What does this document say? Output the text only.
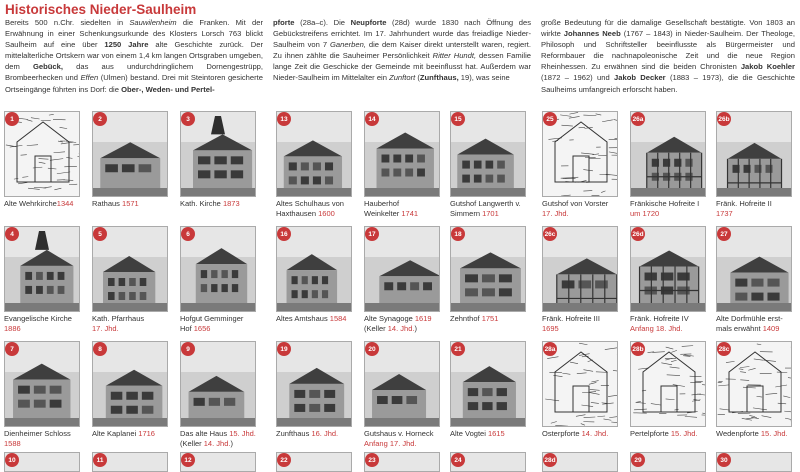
Historisches Nieder-Saulheim
Bereits 500 n.Chr. siedelten in Sauwilenheim die Franken. Mit der Erwähnung in einer Schenkungsurkunde des Klosters Lorsch 763 blickt Saulheim auf eine über 1250 Jahre alte Geschichte zurück. Der mittelalterliche Ortskern war von einem 1,4 km langen Ortsgraben umgeben, dem Gebück, das aus undurchdringlichem Dornengestrüpp, Brombeerhecken und Effen (Ulmen) bestand. Drei mit Steintoren gesicherte Ortseingänge führten ins Dorf: die Ober-, Weden- und Pertel-
pforte (28a–c). Die Neupforte (28d) wurde 1830 nach Öffnung des Gebückstreifens errichtet. Im 17. Jahrhundert wurde das freiadlige Nieder-Saulheim von 7 Ganerben, die dem Kaiser direkt unterstellt waren, regiert. Zu ihnen zählte die Sauheimer Persönlichkeit Ritter Hundt, dessen Familie lange Zeit die Geschicke der Gemeinde mit beeinflusst hat. Außerdem war Nieder-Saulheim im Mittelalter ein Zunftort (Zunfthaus, 19), was seine
große Bedeutung für die damalige Gesellschaft bestätigte. Von 1803 an wirkte Johannes Neeb (1767 – 1843) in Nieder-Saulheim. Der Theologe, Philosoph und Schriftsteller beeinflusste als Bürgermeister und Reformbauer die nachnapoleonische Zeit und die neue Region Rheinhessen. Zu erwähnen sind die beiden Chronisten Jakob Koehler (1872 – 1962) und Jakob Decker (1883 – 1973), die die Geschichte Saulheims umfangreich erforscht haben.
1
Alte Wehrkirche1344
2
Rathaus 1571
3
Kath. Kirche 1873
13
Altes Schulhaus von
Haxthausen 1600
14
Hauberhof
Weinkelter 1741
15
Gutshof Langwerth v.
Simmern 1701
25
Gutshof von Vorster
17. Jhd.
26a
Fränkische Hofreite I
um 1720
26b
Fränk. Hofreite II
1737
4
Evangelische Kirche
1886
5
Kath. Pfarrhaus
17. Jhd.
6
Hofgut Gemminger
Hof 1656
16
Altes Amtshaus 1584
17
Alte Synagoge 1619
(Keller 14. Jhd.)
18
Zehnthof 1751
26c
Fränk. Hofreite III
1695
26d
Fränk. Hofreite IV
Anfang 18. Jhd.
27
Alte Dorfmühle erst-
mals erwähnt 1409
7
Dienheimer Schloss
1588
8
Alte Kaplanei 1716
9
Das alte Haus 15. Jhd.
(Keller 14. Jhd.)
19
Zunfthaus 16. Jhd.
20
Gutshaus v. Horneck
Anfang 17. Jhd.
21
Alte Vogtei 1615
28a
Osterpforte 14. Jhd.
28b
Pertelpforte 15. Jhd.
28c
Wedenpforte 15. Jhd.
10	11	12	22	23	24	28d	29	30
